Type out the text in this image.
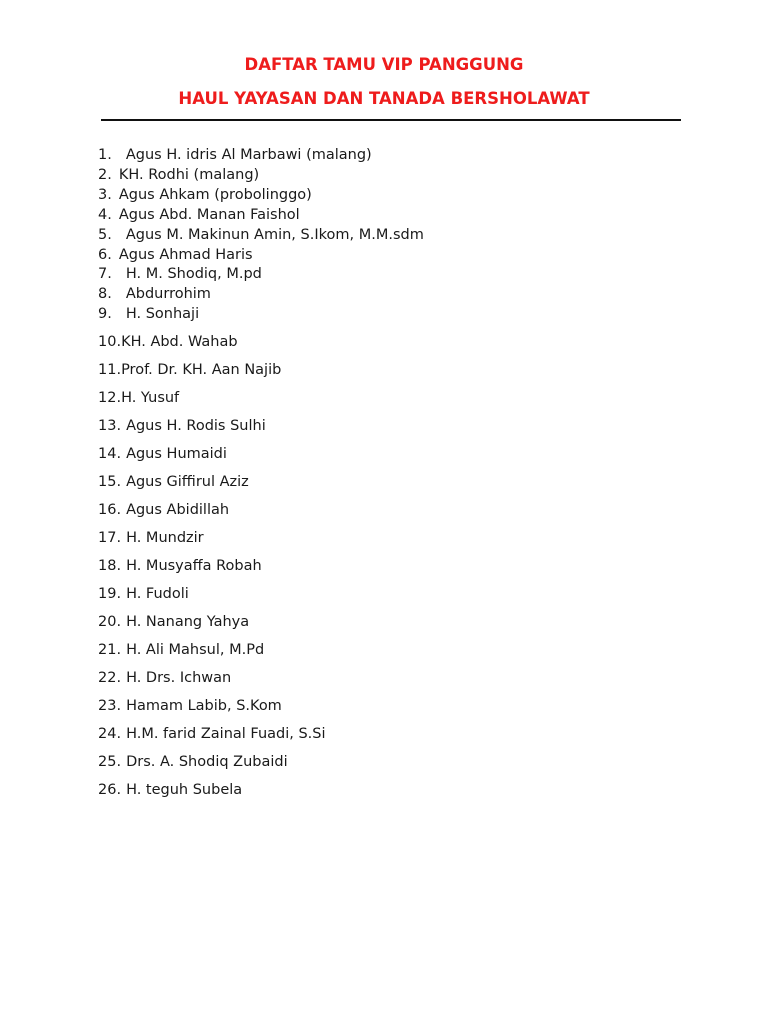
DAFTAR TAMU VIP PANGGUNG
HAUL YAYASAN DAN TANADA BERSHOLAWAT
1. Agus H. idris Al Marbawi (malang)
2. KH. Rodhi (malang)
3. Agus Ahkam (probolinggo)
4. Agus Abd. Manan Faishol
5. Agus M. Makinun Amin, S.Ikom, M.M.sdm
6. Agus Ahmad Haris
7. H. M. Shodiq, M.pd
8. Abdurrohim
9. H. Sonhaji
10.KH. Abd. Wahab
11.Prof. Dr. KH. Aan Najib
12.H. Yusuf
13. Agus H. Rodis Sulhi
14. Agus Humaidi
15. Agus Giffirul Aziz
16. Agus Abidillah
17. H. Mundzir
18. H. Musyaffa Robah
19. H. Fudoli
20. H. Nanang Yahya
21. H. Ali Mahsul, M.Pd
22. H. Drs. Ichwan
23. Hamam Labib, S.Kom
24. H.M. farid Zainal Fuadi, S.Si
25. Drs. A. Shodiq Zubaidi
26. H. teguh Subela
